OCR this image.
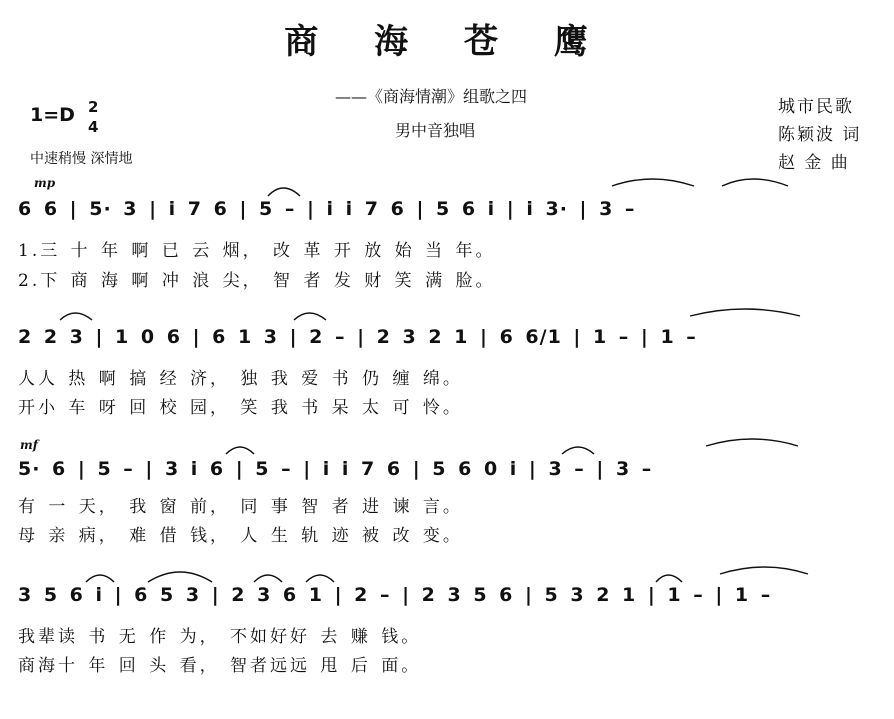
商 海 苍 鹰
——《商海情潮》组歌之四
男中音独唱
1=D 2
4
中速稍慢 深情地
城市民歌
陈颖波 词
赵 金 曲
mp
mf
6 6 | 5· 3 | i 7 6 | 5 – | i i 7 6 | 5 6 i | i 3· | 3 –
1.三 十 年 啊 已 云 烟， 改 革 开 放 始 当 年。
2.下 商 海 啊 冲 浪 尖， 智 者 发 财 笑 满 脸。
2 2 3 | 1 0 6 | 6 1 3 | 2 – | 2 3 2 1 | 6 6/1 | 1 – | 1 –
人人 热 啊 搞 经 济， 独 我 爱 书 仍 缠 绵。
开小 车 呀 回 校 园， 笑 我 书 呆 太 可 怜。
5· 6 | 5 – | 3 i 6 | 5 – | i i 7 6 | 5 6 0 i | 3 – | 3 –
有 一 天， 我 窗 前， 同 事 智 者 进 谏 言。
母 亲 病， 难 借 钱， 人 生 轨 迹 被 改 变。
3 5 6 i | 6 5 3 | 2 3 6 1 | 2 – | 2 3 5 6 | 5 3 2 1 | 1 – | 1 –
我辈读 书 无 作 为， 不如好好 去 赚 钱。
商海十 年 回 头 看， 智者远远 甩 后 面。
